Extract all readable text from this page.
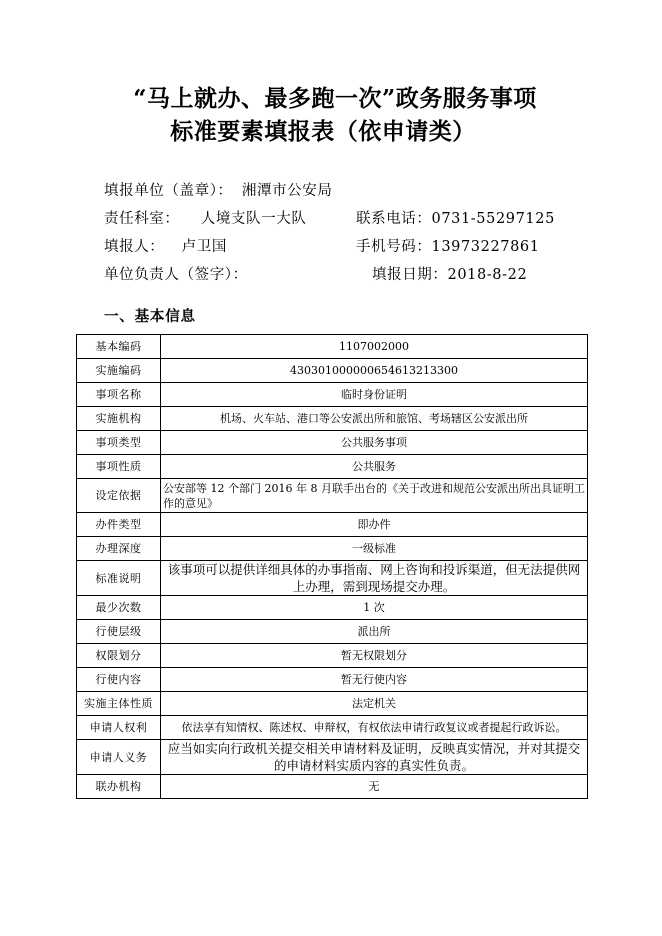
“马上就办、最多跑一次”政务服务事项
标准要素填报表（依申请类）
填报单位（盖章）： 湘潭市公安局
责任科室： 人境支队一大队	联系电话：0731-55297125
填报人： 卢卫国	手机号码：13973227861
单位负责人（签字）：	填报日期：2018-8-22
一、基本信息
基本编码	1107002000
实施编码	430301000000654613213300
事项名称	临时身份证明
实施机构	机场、火车站、港口等公安派出所和旅馆、考场辖区公安派出所
事项类型	公共服务事项
事项性质	公共服务
设定依据	公安部等 12 个部门 2016 年 8 月联手出台的《关于改进和规范公安派出所出具证明工作的意见》
办件类型	即办件
办理深度	一级标准
标准说明	该事项可以提供详细具体的办事指南、网上咨询和投诉渠道，但无法提供网上办理，需到现场提交办理。
最少次数	1 次
行使层级	派出所
权限划分	暂无权限划分
行使内容	暂无行使内容
实施主体性质	法定机关
申请人权利	依法享有知情权、陈述权、申辩权，有权依法申请行政复议或者提起行政诉讼。
申请人义务	应当如实向行政机关提交相关申请材料及证明，反映真实情况，并对其提交的申请材料实质内容的真实性负责。
联办机构	无
